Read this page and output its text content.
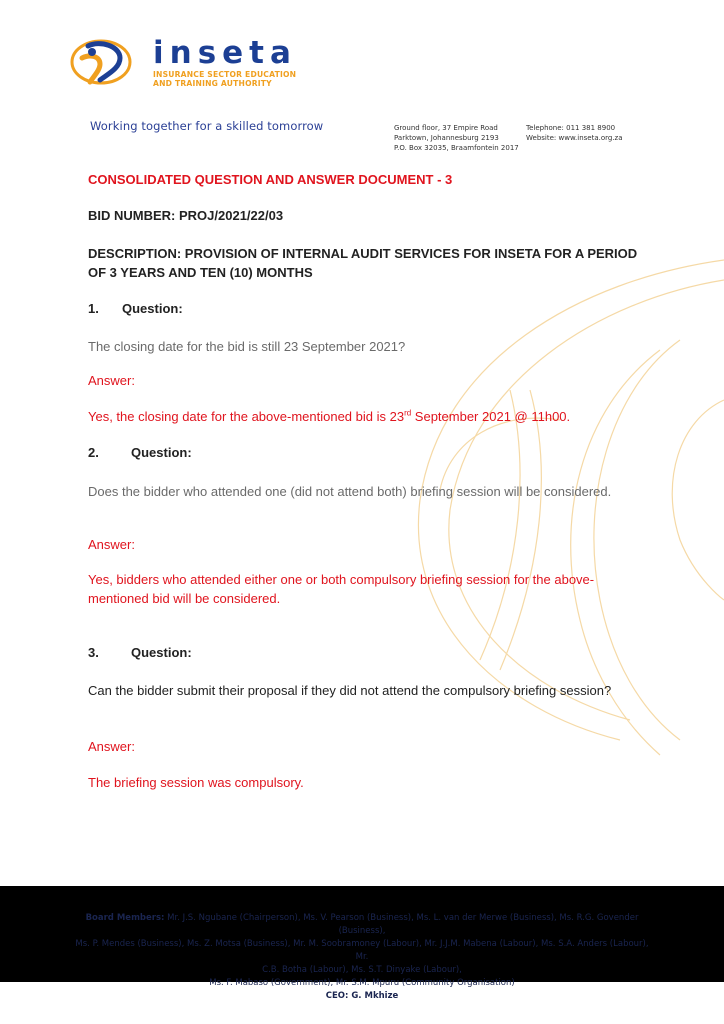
inseta
INSURANCE SECTOR EDUCATION
AND TRAINING AUTHORITY
Working together for a skilled tomorrow	Ground floor, 37 Empire Road
Parktown, Johannesburg 2193
P.O. Box 32035, Braamfontein 2017
Telephone: 011 381 8900
Website: www.inseta.org.za
CONSOLIDATED QUESTION AND ANSWER DOCUMENT - 3
BID NUMBER: PROJ/2021/22/03
DESCRIPTION: PROVISION OF INTERNAL AUDIT SERVICES FOR INSETA FOR A PERIOD
OF 3 YEARS AND TEN (10) MONTHS
1. Question:
The closing date for the bid is still 23 September 2021?
Answer:
Yes, the closing date for the above-mentioned bid is 23rd September 2021 @ 11h00.
2. Question:
Does the bidder who attended one (did not attend both) briefing session will be considered.
Answer:
Yes, bidders who attended either one or both compulsory briefing session for the above-
mentioned bid will be considered.
3. Question:
Can the bidder submit their proposal if they did not attend the compulsory briefing session?
Answer:
The briefing session was compulsory.
Board Members: Mr. J.S. Ngubane (Chairperson), Ms. V. Pearson (Business), Ms. L. van der Merwe (Business), Ms. R.G. Govender (Business),
Ms. P. Mendes (Business), Ms. Z. Motsa (Business), Mr. M. Soobramoney (Labour), Mr. J.J.M. Mabena (Labour), Ms. S.A. Anders (Labour), Mr.
C.B. Botha (Labour), Ms. S.T. Dinyake (Labour),
Ms. F. Mabaso (Government), Mr. S.M. Mpuru (Community Organisation)
CEO: G. Mkhize
